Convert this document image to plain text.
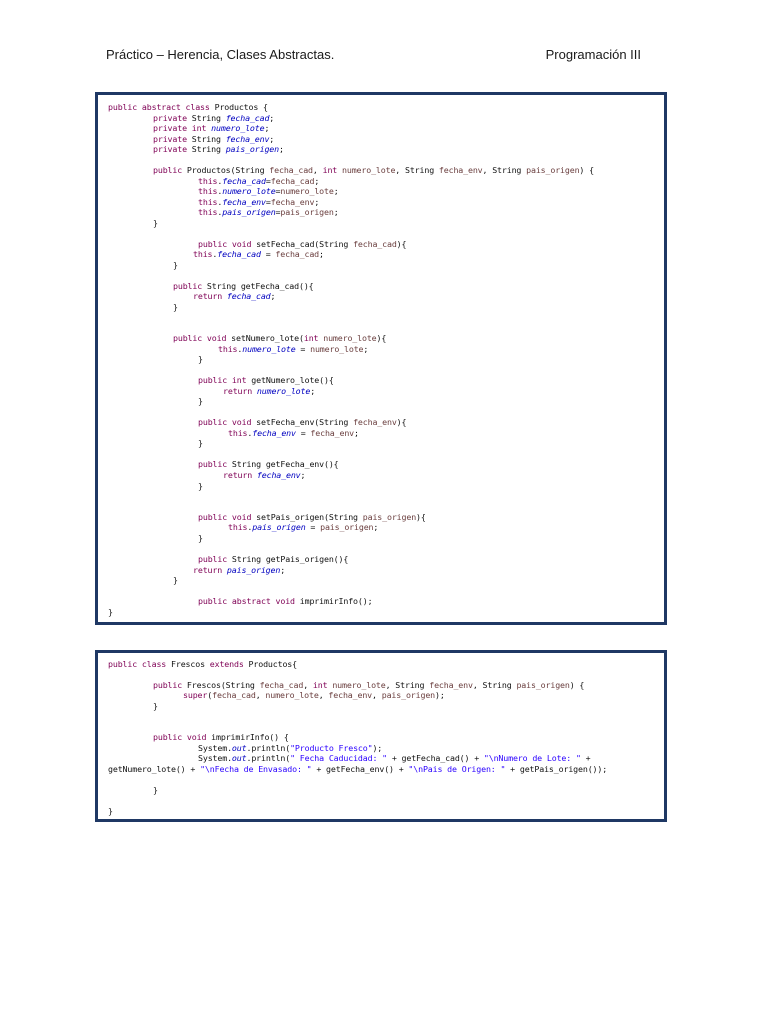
Práctico – Herencia, Clases Abstractas.	Programación III
public abstract class Productos {
private String fecha_cad;
private int numero_lote;
private String fecha_env;
private String pais_origen;
public Productos(String fecha_cad, int numero_lote, String fecha_env, String pais_origen) {
this.fecha_cad=fecha_cad;
this.numero_lote=numero_lote;
this.fecha_env=fecha_env;
this.pais_origen=pais_origen;
}
public void setFecha_cad(String fecha_cad){
this.fecha_cad = fecha_cad;
}
public String getFecha_cad(){
return fecha_cad;
}
public void setNumero_lote(int numero_lote){
this.numero_lote = numero_lote;
}
public int getNumero_lote(){
return numero_lote;
}
public void setFecha_env(String fecha_env){
this.fecha_env = fecha_env;
}
public String getFecha_env(){
return fecha_env;
}
public void setPais_origen(String pais_origen){
this.pais_origen = pais_origen;
}
public String getPais_origen(){
return pais_origen;
}
public abstract void imprimirInfo();
}
public class Frescos extends Productos{
public Frescos(String fecha_cad, int numero_lote, String fecha_env, String pais_origen) {
super(fecha_cad, numero_lote, fecha_env, pais_origen);
}
public void imprimirInfo() {
System.out.println("Producto Fresco");
System.out.println(" Fecha Caducidad: " + getFecha_cad() + "\nNumero de Lote: " +
getNumero_lote() + "\nFecha de Envasado: " + getFecha_env() + "\nPais de Origen: " + getPais_origen());
}
}
